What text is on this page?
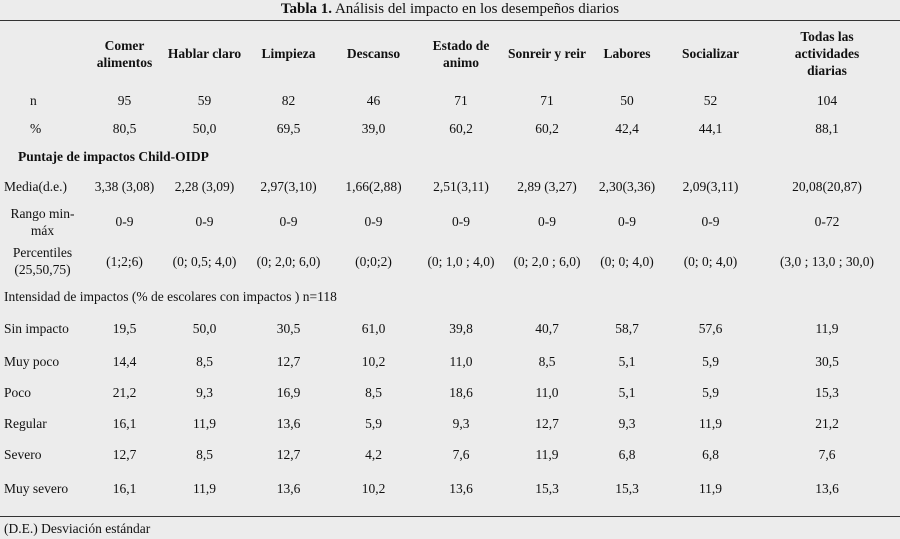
Tabla 1. Análisis del impacto en los desempeños diarios
	Comer alimentos	Hablar claro	Limpieza	Descanso	Estado de animo	Sonreir y reir	Labores	Socializar	Todas las actividades diarias
n	95	59	82	46	71	71	50	52	104
%	80,5	50,0	69,5	39,0	60,2	60,2	42,4	44,1	88,1
Puntaje de impactos Child-OIDP									
Media(d.e.)	3,38 (3,08)	2,28 (3,09)	2,97(3,10)	1,66(2,88)	2,51(3,11)	2,89 (3,27)	2,30(3,36)	2,09(3,11)	20,08(20,87)
Rango min-máx	0-9	0-9	0-9	0-9	0-9	0-9	0-9	0-9	0-72
Percentiles (25,50,75)	(1;2;6)	(0; 0,5; 4,0)	(0; 2,0; 6,0)	(0;0;2)	(0; 1,0 ; 4,0)	(0; 2,0 ; 6,0)	(0; 0; 4,0)	(0; 0; 4,0)	(3,0 ; 13,0 ; 30,0)
Intensidad de impactos (% de escolares con impactos ) n=118									
Sin impacto	19,5	50,0	30,5	61,0	39,8	40,7	58,7	57,6	11,9
Muy poco	14,4	8,5	12,7	10,2	11,0	8,5	5,1	5,9	30,5
Poco	21,2	9,3	16,9	8,5	18,6	11,0	5,1	5,9	15,3
Regular	16,1	11,9	13,6	5,9	9,3	12,7	9,3	11,9	21,2
Severo	12,7	8,5	12,7	4,2	7,6	11,9	6,8	6,8	7,6
Muy severo	16,1	11,9	13,6	10,2	13,6	15,3	15,3	11,9	13,6
(D.E.) Desviación estándar
